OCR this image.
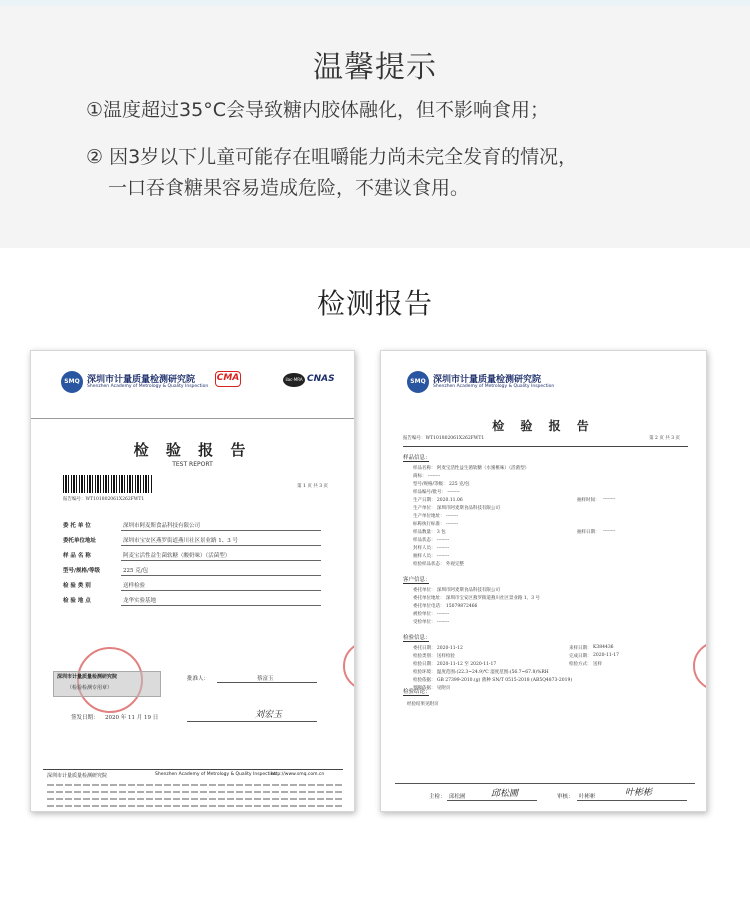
温馨提示
①温度超过35°C会导致糖内胶体融化，但不影响食用；
② 因3岁以下儿童可能存在咀嚼能力尚未完全发育的情况，
一口吞食糖果容易造成危险，不建议食用。
检测报告
SMQ 深圳市计量质量检测研究院
Shenzhen Academy of Metrology & Quality Inspection
CMA	ilac-MRA CNAS
检 验 报 告
TEST REPORT
报告编号：WT101802061X262FWT1
第 1 页 共 3 页
委 托 单 位	深圳市阿麦斯食品科技有限公司
委托单位地址	深圳市宝安区燕罗街道燕川社区景业路 1、3 号
样 品 名 称	阿麦宝活性益生菌软糖（酸奶味）（活菌型）
型号/规格/等级	225 克/包
检 验 类 别	送样检验
检 验 地 点	龙华实验基地
深圳市计量质量检测研究院
（检验检测专用章）
批准人：	蔡富玉
签发日期： 2020 年 11 月 19 日	刘宏玉
深圳市计量质量检测研究院	Shenzhen Academy of Metrology & Quality Inspection
http://www.smq.com.cn
SMQ 深圳市计量质量检测研究院
Shenzhen Academy of Metrology & Quality Inspection
检 验 报 告
报告编号：WT101802061X262FWT1	第 2 页 共 3 页
样品信息：
样品名称： 阿麦宝活性益生菌软糖（水蜜桃味）（活菌型）
商标： --------
型号/规格/等级： 225 克/包
样品编号/批号： --------
生产日期： 2020.11.06
生产单位： 深圳市阿麦斯食品科技有限公司
生产单位地址： --------
标称执行标准： --------
样品数量： 3 包
样品状态： --------
封样人员： --------
抽样人员： --------
检验样品状态： 外观完整
抽样时间： --------
抽样日期： --------
客户信息：
委托单位： 深圳市阿麦斯食品科技有限公司
委托单位地址： 深圳市宝安区燕罗街道燕川社区景业路 1、3 号
委托单位电话： 15079872466
被检单位： --------
受检单位： --------
检验信息：
委托日期： 2020-11-12
检验类别： 送样检验
检验日期： 2020-11-12 至 2020-11-17
检验环境： 温度范围:(22.3~24.9)℃ 湿度范围:(56.7~67.8)%RH
检验依据： GB 27399-2010.(g) 菌种 SN/T 0515-2018 (AB5Q4873-2019)
判断依据： 见附页
来样日期： K384436
完成日期： 2020-11-17
检验方式： 送样
检验结论：
经验结果见附页
主检： 邱松圃	邱松圃	审核： 叶彬彬	叶彬彬
